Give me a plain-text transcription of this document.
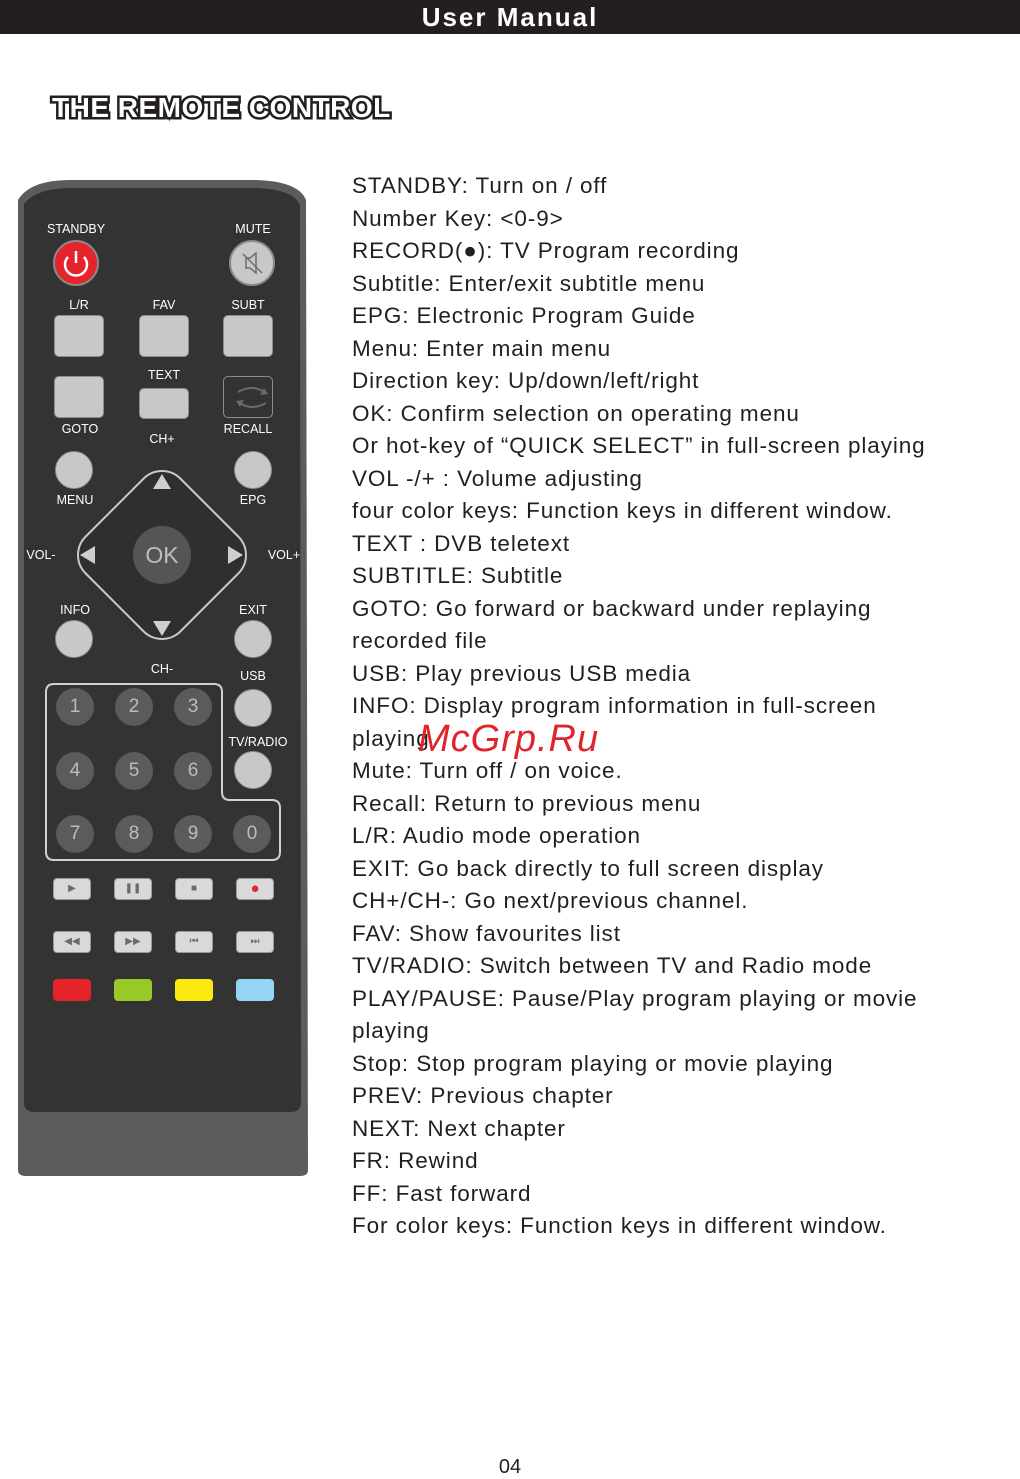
User Manual
THE REMOTE CONTROL
STANDBY	MUTE
L/R	FAV	SUBT
TEXT
GOTO	RECALL
CH+
MENU	EPG
VOL-	VOL+
OK
INFO	EXIT
CH-	USB
TV/RADIO
1	2	3
4	5	6
7	8	9	0
▶	❚❚	■	●
◀◀	▶▶	⏮	⏭
STANDBY: Turn on / off
Number Key: <0-9>
RECORD(●): TV Program recording
Subtitle: Enter/exit subtitle menu
EPG: Electronic Program Guide
Menu: Enter main menu
Direction key: Up/down/left/right
OK: Confirm selection on operating menu
Or hot-key of “QUICK SELECT” in full-screen playing
VOL -/+ : Volume adjusting
four color keys: Function keys in different window.
TEXT : DVB teletext
SUBTITLE: Subtitle
GOTO: Go forward or backward under replaying
recorded file
USB: Play previous USB media
INFO: Display program information in full-screen
playing
Mute: Turn off / on voice.
Recall: Return to previous menu
L/R: Audio mode operation
EXIT: Go back directly to full screen display
CH+/CH-: Go next/previous channel.
FAV: Show favourites list
TV/RADIO: Switch between TV and Radio mode
PLAY/PAUSE: Pause/Play program playing or movie
playing
Stop: Stop program playing or movie playing
PREV: Previous chapter
NEXT: Next chapter
FR: Rewind
FF: Fast forward
For color keys: Function keys in different window.
McGrp.Ru
04
